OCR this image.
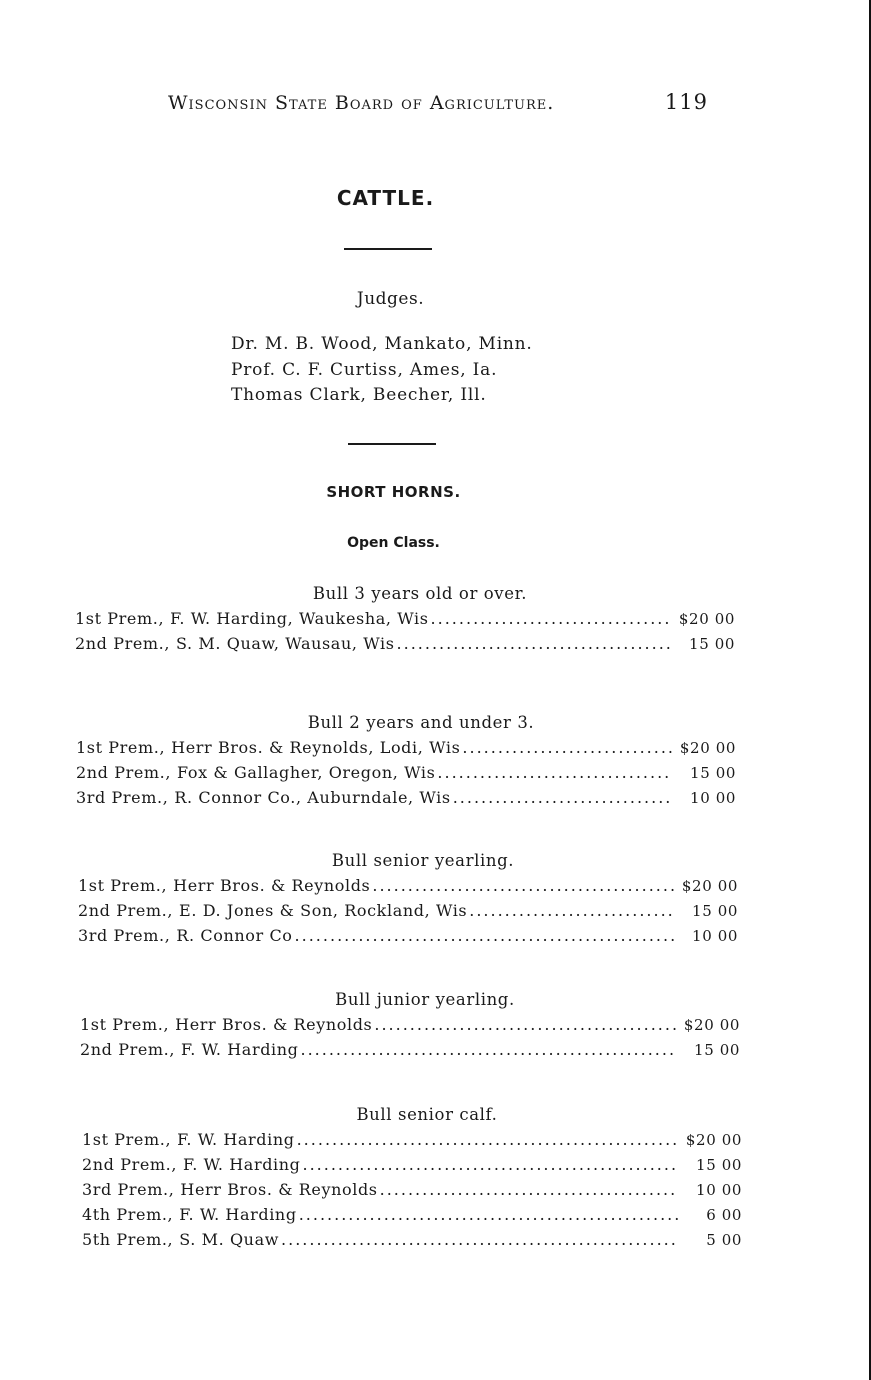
Wisconsin State Board of Agriculture.	119
CATTLE.
Judges.
Dr. M. B. Wood, Mankato, Minn.
Prof. C. F. Curtiss, Ames, Ia.
Thomas Clark, Beecher, Ill.
SHORT HORNS.
Open Class.
Bull 3 years old or over.
1st Prem., F. W. Harding, Waukesha, Wis .....	$20 00
2nd Prem., S. M. Quaw, Wausau, Wis .....	15 00
Bull 2 years and under 3.
1st Prem., Herr Bros. & Reynolds, Lodi, Wis .....	$20 00
2nd Prem., Fox & Gallagher, Oregon, Wis .....	15 00
3rd Prem., R. Connor Co., Auburndale, Wis .....	10 00
Bull senior yearling.
1st Prem., Herr Bros. & Reynolds .....	$20 00
2nd Prem., E. D. Jones & Son, Rockland, Wis .....	15 00
3rd Prem., R. Connor Co .....	10 00
Bull junior yearling.
1st Prem., Herr Bros. & Reynolds .....	$20 00
2nd Prem., F. W. Harding .....	15 00
Bull senior calf.
1st Prem., F. W. Harding .....	$20 00
2nd Prem., F. W. Harding .....	15 00
3rd Prem., Herr Bros. & Reynolds .....	10 00
4th Prem., F. W. Harding .....	6 00
5th Prem., S. M. Quaw .....	5 00
